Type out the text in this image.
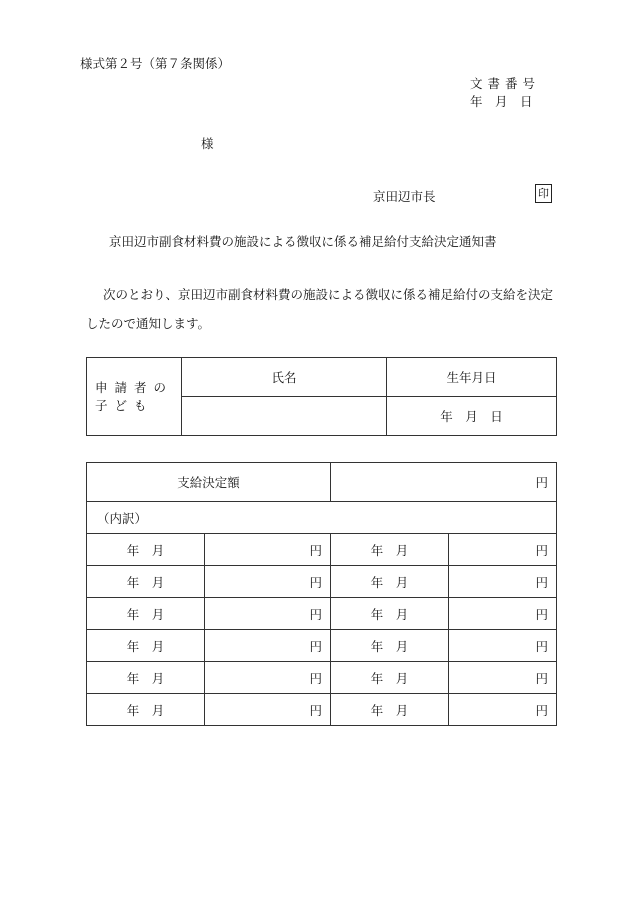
様式第２号（第７条関係）
文書番号
年　月　日
様
京田辺市長	印
京田辺市副食材料費の施設による徴収に係る補足給付支給決定通知書
次のとおり、京田辺市副食材料費の施設による徴収に係る補足給付の支給を決定したので通知します。
申請者の子ども	氏名	生年月日
		年　月　日
支給決定額		円	
（内訳）			
年　月	円	年　月	円
年　月	円	年　月	円
年　月	円	年　月	円
年　月	円	年　月	円
年　月	円	年　月	円
年　月	円	年　月	円
